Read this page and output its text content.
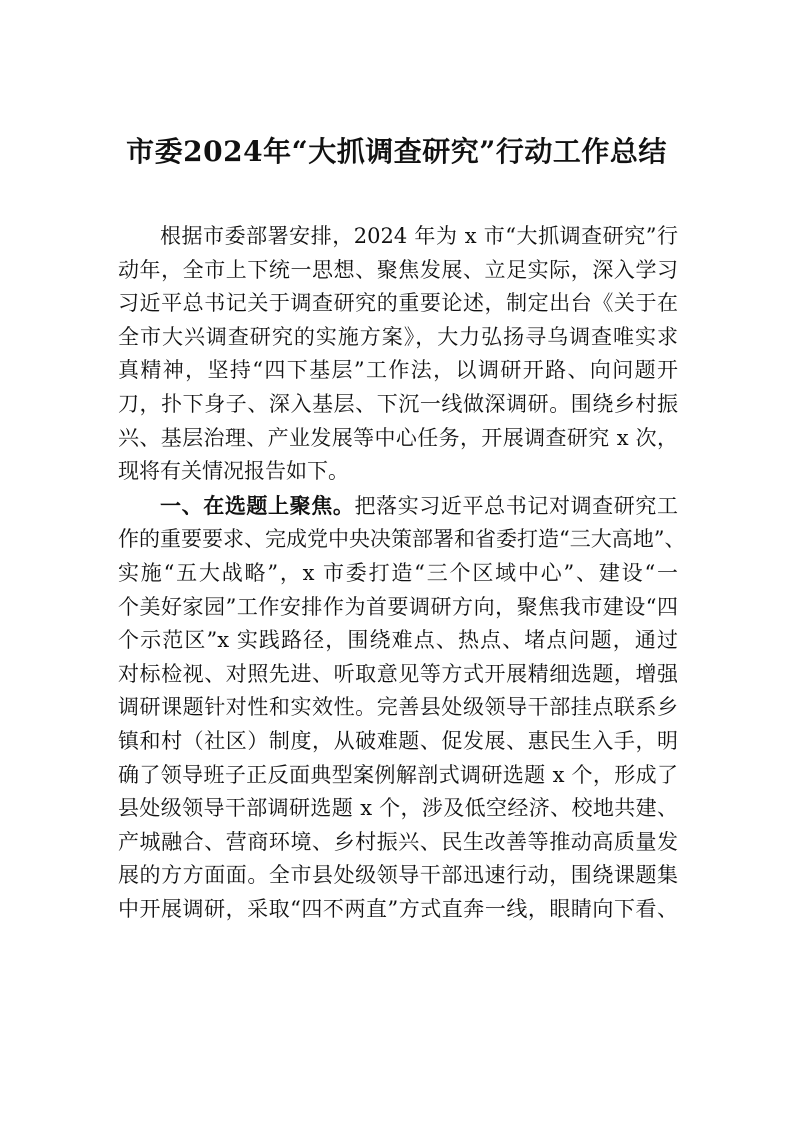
市委2024年“大抓调查研究”行动工作总结
根据市委部署安排，2024 年为 x 市“大抓调查研究”行
动年，全市上下统一思想、聚焦发展、立足实际，深入学习
习近平总书记关于调查研究的重要论述，制定出台《关于在
全市大兴调查研究的实施方案》，大力弘扬寻乌调查唯实求
真精神，坚持“四下基层”工作法，以调研开路、向问题开
刀，扑下身子、深入基层、下沉一线做深调研。围绕乡村振
兴、基层治理、产业发展等中心任务，开展调查研究 x 次，
现将有关情况报告如下。
一、在选题上聚焦。把落实习近平总书记对调查研究工
作的重要要求、完成党中央决策部署和省委打造“三大高地”、
实施“五大战略”，x 市委打造“三个区域中心”、建设“一
个美好家园”工作安排作为首要调研方向，聚焦我市建设“四
个示范区”x 实践路径，围绕难点、热点、堵点问题，通过
对标检视、对照先进、听取意见等方式开展精细选题，增强
调研课题针对性和实效性。完善县处级领导干部挂点联系乡
镇和村（社区）制度，从破难题、促发展、惠民生入手，明
确了领导班子正反面典型案例解剖式调研选题 x 个，形成了
县处级领导干部调研选题 x 个，涉及低空经济、校地共建、
产城融合、营商环境、乡村振兴、民生改善等推动高质量发
展的方方面面。全市县处级领导干部迅速行动，围绕课题集
中开展调研，采取“四不两直”方式直奔一线，眼睛向下看、
